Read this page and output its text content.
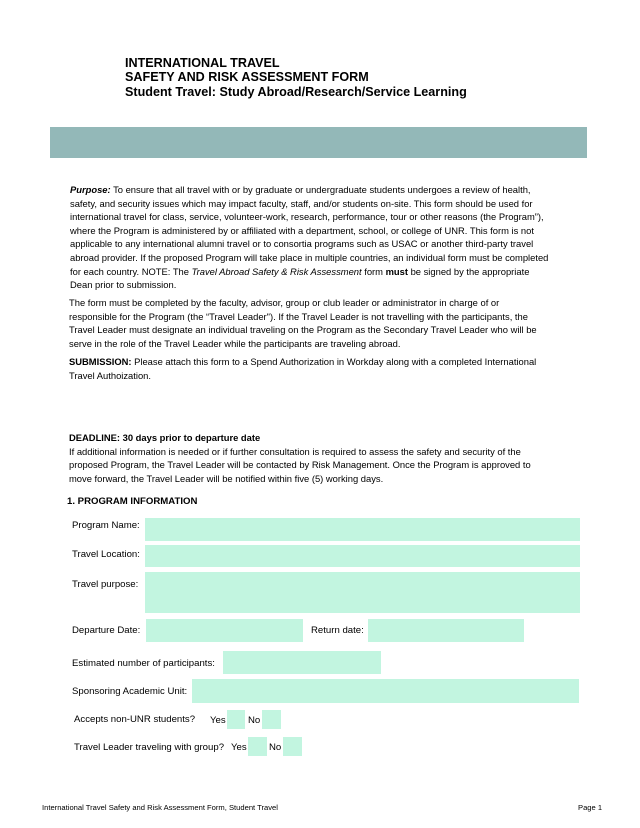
INTERNATIONAL TRAVEL
SAFETY AND RISK ASSESSMENT FORM
Student Travel: Study Abroad/Research/Service Learning
Purpose: To ensure that all travel with or by graduate or undergraduate students undergoes a review of health, safety, and security issues which may impact faculty, staff, and/or students on-site. This form should be used for international travel for class, service, volunteer-work, research, performance, tour or other reasons (the Program”), where the Program is administered by or affiliated with a department, school, or college of UNR. This form is not applicable to any international alumni travel or to consortia programs such as USAC or another third-party travel abroad provider. If the proposed Program will take place in multiple countries, an individual form must be completed for each country. NOTE: The Travel Abroad Safety & Risk Assessment form must be signed by the appropriate Dean prior to submission.
The form must be completed by the faculty, advisor, group or club leader or administrator in charge of or responsible for the Program (the “Travel Leader"). If the Travel Leader is not travelling with the participants, the Travel Leader must designate an individual traveling on the Program as the Secondary Travel Leader who will be serve in the role of the Travel Leader while the participants are traveling abroad.
SUBMISSION: Please attach this form to a Spend Authorization in Workday along with a completed International Travel Authoization.
DEADLINE: 30 days prior to departure date
If additional information is needed or if further consultation is required to assess the safety and security of the proposed Program, the Travel Leader will be contacted by Risk Management. Once the Program is approved to move forward, the Travel Leader will be notified within five (5) working days.
1. PROGRAM INFORMATION
Program Name:
Travel Location:
Travel purpose:
Departure Date:	Return date:
Estimated number of participants:
Sponsoring Academic Unit:
Accepts non-UNR students? Yes No
Travel Leader traveling with group? Yes No
International Travel Safety and Risk Assessment Form, Student Travel	Page 1
